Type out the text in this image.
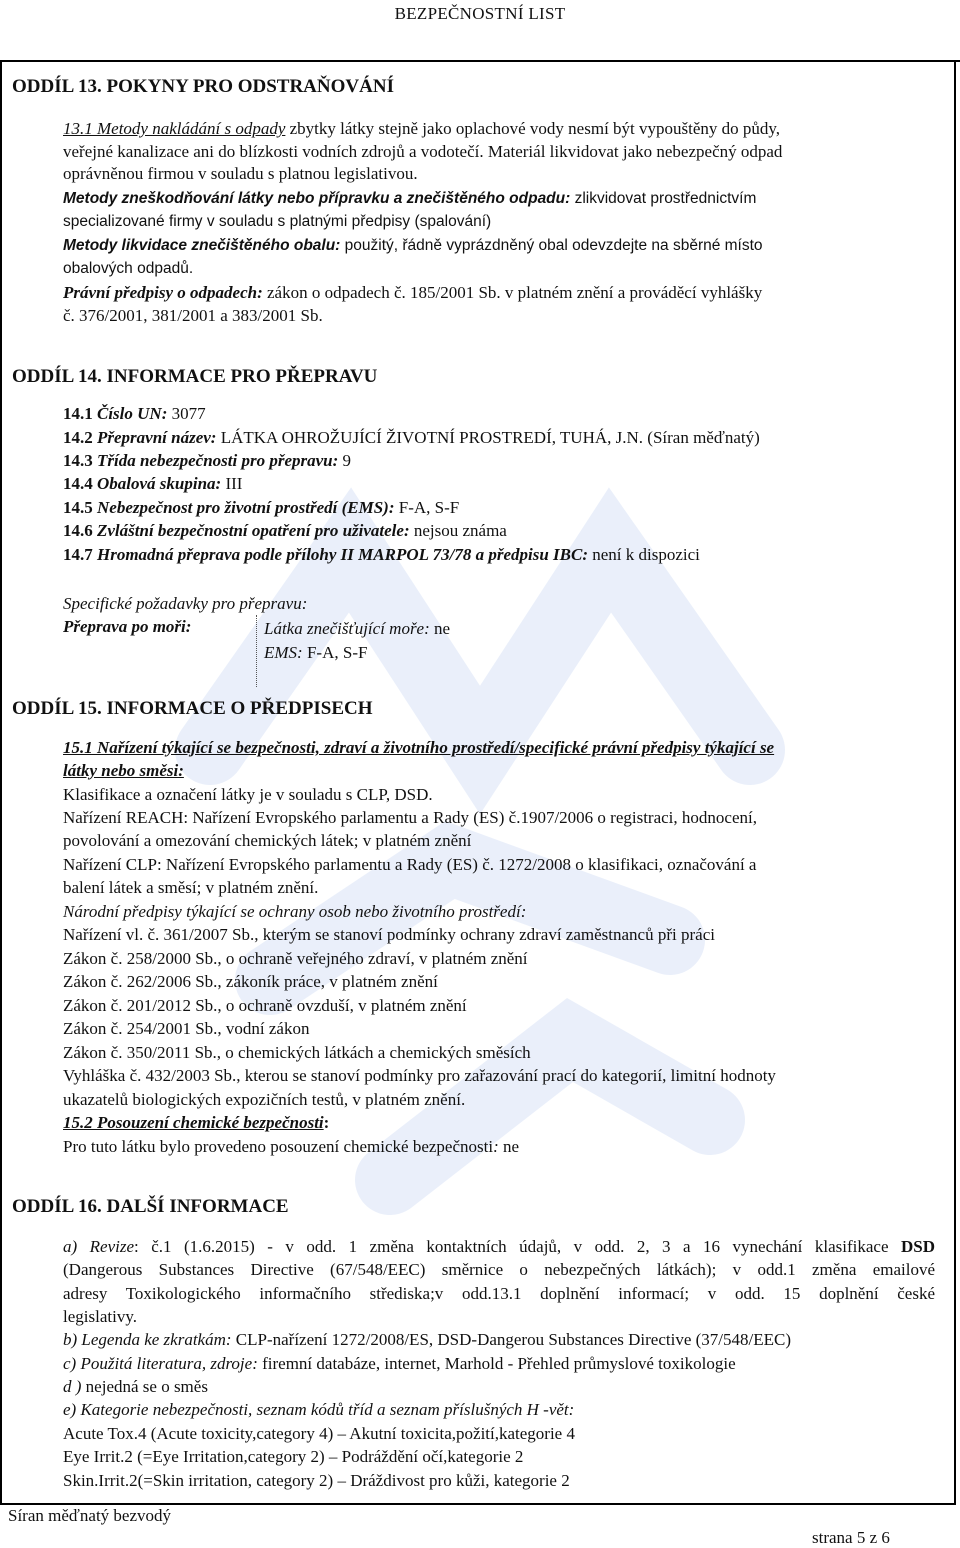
BEZPEČNOSTNÍ LIST
ODDÍL 13. POKYNY PRO ODSTRAŇOVÁNÍ
13.1 Metody nakládání s odpady zbytky látky stejně jako oplachové vody nesmí být vypouštěny do půdy,
veřejné kanalizace ani do blízkosti vodních zdrojů a vodotečí. Materiál likvidovat jako nebezpečný odpad
oprávněnou firmou v souladu s platnou legislativou.
Metody zneškodňování látky nebo přípravku a znečištěného odpadu: zlikvidovat prostřednictvím
specializované firmy v souladu s platnými předpisy (spalování)
Metody likvidace znečištěného obalu: použitý, řádně vyprázdněný obal odevzdejte na sběrné místo
obalových odpadů.
Právní předpisy o odpadech: zákon o odpadech č. 185/2001 Sb. v platném znění a prováděcí vyhlášky
č. 376/2001, 381/2001 a 383/2001 Sb.
ODDÍL 14. INFORMACE PRO PŘEPRAVU
14.1 Číslo UN: 3077
14.2 Přepravní název: LÁTKA OHROŽUJÍCÍ ŽIVOTNÍ PROSTREDÍ, TUHÁ, J.N. (Síran měďnatý)
14.3 Třída nebezpečnosti pro přepravu: 9
14.4 Obalová skupina: III
14.5 Nebezpečnost pro životní prostředí (EMS): F-A, S-F
14.6 Zvláštní bezpečnostní opatření pro uživatele: nejsou známa
14.7 Hromadná přeprava podle přílohy II MARPOL 73/78 a předpisu IBC: není k dispozici
Specifické požadavky pro přepravu:
Přeprava po moři:	Látka znečišťující moře: ne
EMS: F-A, S-F
ODDÍL 15. INFORMACE O PŘEDPISECH
15.1 Nařízení týkající se bezpečnosti, zdraví a životního prostředí/specifické právní předpisy týkající se
látky nebo směsi:
Klasifikace a označení látky je v souladu s CLP, DSD.
Nařízení REACH: Nařízení Evropského parlamentu a Rady (ES) č.1907/2006 o registraci, hodnocení,
povolování a omezování chemických látek; v platném znění
Nařízení CLP: Nařízení Evropského parlamentu a Rady (ES) č. 1272/2008 o klasifikaci, označování a
balení látek a směsí; v platném znění.
Národní předpisy týkající se ochrany osob nebo životního prostředí:
Nařízení vl. č. 361/2007 Sb., kterým se stanoví podmínky ochrany zdraví zaměstnanců při práci
Zákon č. 258/2000 Sb., o ochraně veřejného zdraví, v platném znění
Zákon č. 262/2006 Sb., zákoník práce, v platném znění
Zákon č. 201/2012 Sb., o ochraně ovzduší, v platném znění
Zákon č. 254/2001 Sb., vodní zákon
Zákon č. 350/2011 Sb., o chemických látkách a chemických směsích
Vyhláška č. 432/2003 Sb., kterou se stanoví podmínky pro zařazování prací do kategorií, limitní hodnoty
ukazatelů biologických expozičních testů, v platném znění.
15.2 Posouzení chemické bezpečnosti:
Pro tuto látku bylo provedeno posouzení chemické bezpečnosti: ne
ODDÍL 16. DALŠÍ INFORMACE
a) Revize: č.1 (1.6.2015) - v odd. 1 změna kontaktních údajů, v odd. 2, 3 a 16 vynechání klasifikace DSD
(Dangerous Substances Directive (67/548/EEC) směrnice o nebezpečných látkách); v odd.1 změna emailové
adresy Toxikologického informačního střediska;v odd.13.1 doplnění informací; v odd. 15 doplnění české
legislativy.
b) Legenda ke zkratkám: CLP-nařízení 1272/2008/ES, DSD-Dangerou Substances Directive (37/548/EEC)
c) Použitá literatura, zdroje: firemní databáze, internet, Marhold - Přehled průmyslové toxikologie
d ) nejedná se o směs
e) Kategorie nebezpečnosti, seznam kódů tříd a seznam příslušných H -vět:
Acute Tox.4 (Acute toxicity,category 4) – Akutní toxicita,požití,kategorie 4
Eye Irrit.2 (=Eye Irritation,category 2) – Podráždění očí,kategorie 2
Skin.Irrit.2(=Skin irritation, category 2) – Dráždivost pro kůži, kategorie 2
Síran měďnatý bezvodý
strana 5 z 6
